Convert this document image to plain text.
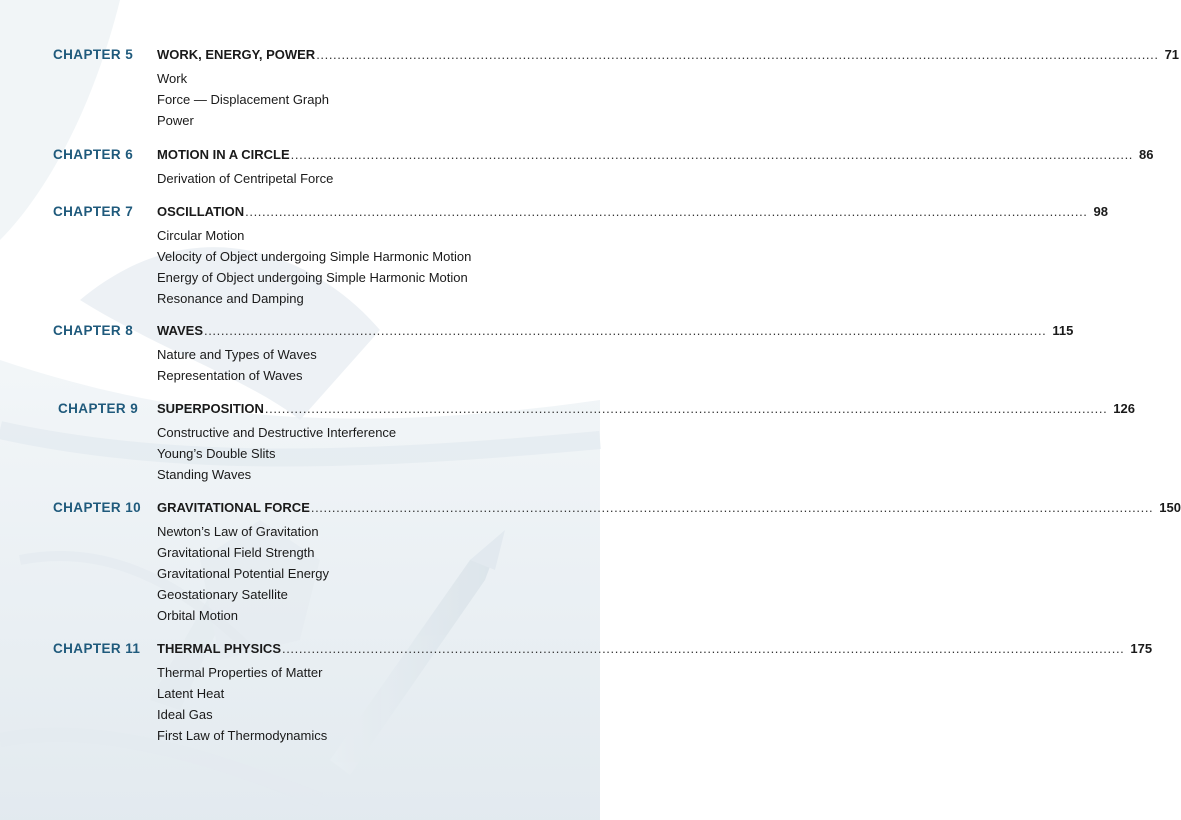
CHAPTER 5 WORK, ENERGY, POWER ........................................................................................................................................................................................................ 71
Work
Force — Displacement Graph
Power
CHAPTER 6 MOTION IN A CIRCLE ........................................................................................................................................................................................................ 86
Derivation of Centripetal Force
CHAPTER 7 OSCILLATION ........................................................................................................................................................................................................ 98
Circular Motion
Velocity of Object undergoing Simple Harmonic Motion
Energy of Object undergoing Simple Harmonic Motion
Resonance and Damping
CHAPTER 8 WAVES ........................................................................................................................................................................................................ 115
Nature and Types of Waves
Representation of Waves
CHAPTER 9 SUPERPOSITION ........................................................................................................................................................................................................ 126
Constructive and Destructive Interference
Young’s Double Slits
Standing Waves
CHAPTER 10 GRAVITATIONAL FORCE ........................................................................................................................................................................................................ 150
Newton’s Law of Gravitation
Gravitational Field Strength
Gravitational Potential Energy
Geostationary Satellite
Orbital Motion
CHAPTER 11 THERMAL PHYSICS ........................................................................................................................................................................................................ 175
Thermal Properties of Matter
Latent Heat
Ideal Gas
First Law of Thermodynamics
